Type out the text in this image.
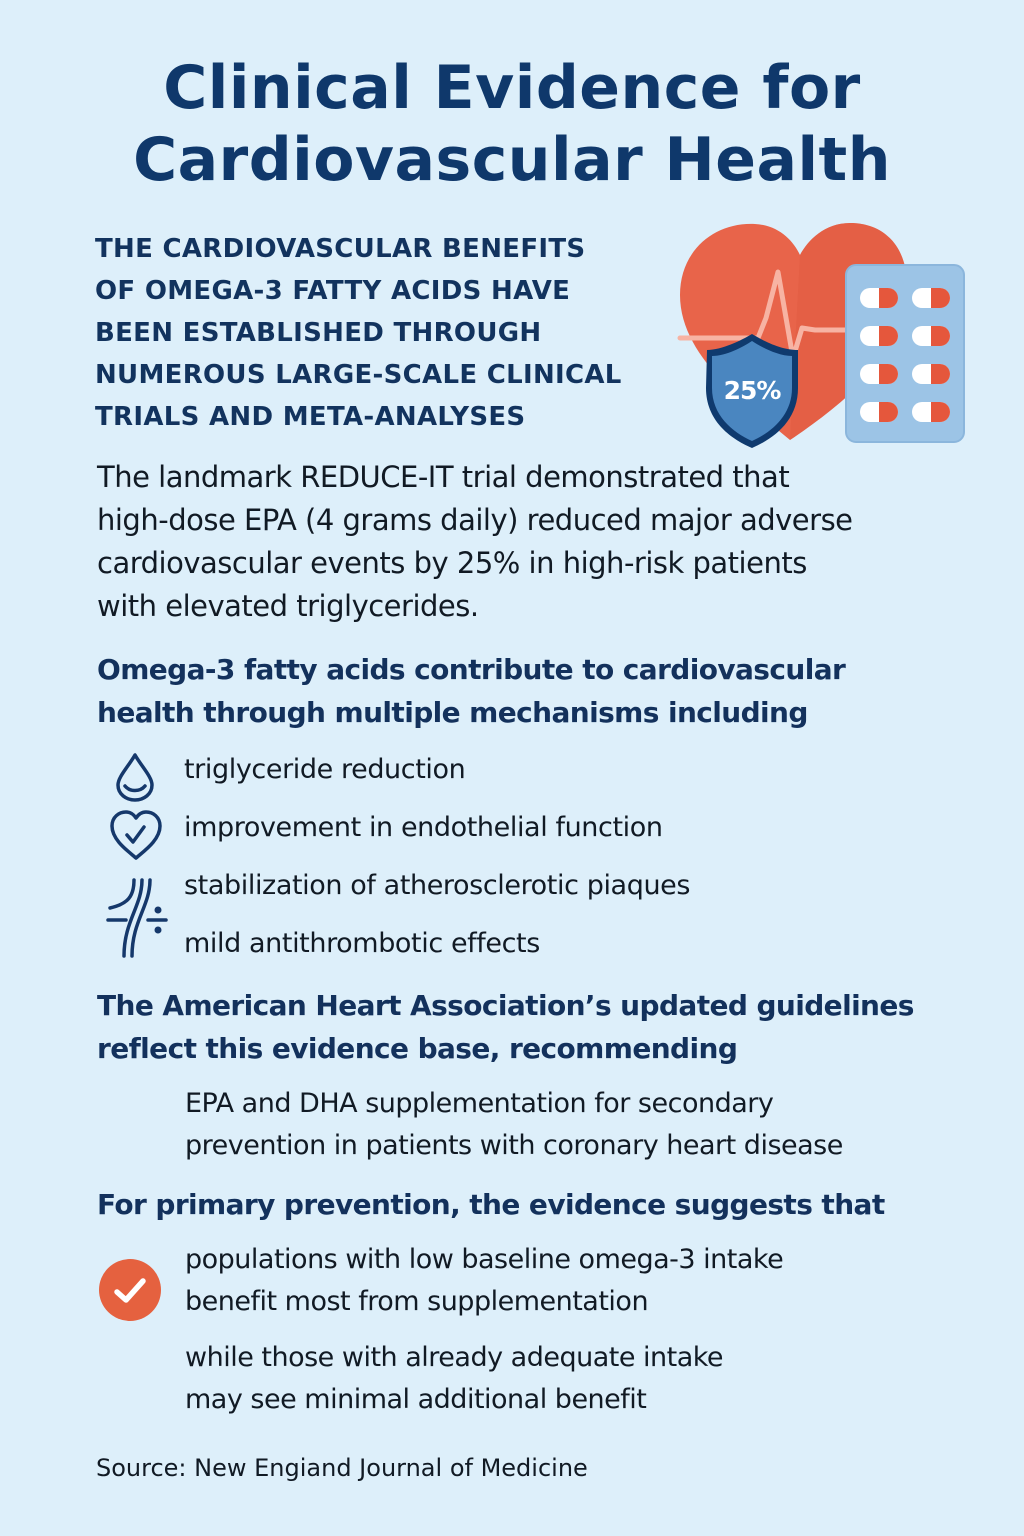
Clinical Evidence for
Cardiovascular Health
THE CARDIOVASCULAR BENEFITS
OF OMEGA-3 FATTY ACIDS HAVE
BEEN ESTABLISHED THROUGH
NUMEROUS LARGE-SCALE CLINICAL
TRIALS AND META-ANALYSES
25%
The landmark REDUCE-IT trial demonstrated that
high-dose EPA (4 grams daily) reduced major adverse
cardiovascular events by 25% in high-risk patients
with elevated triglycerides.
Omega-3 fatty acids contribute to cardiovascular
health through multiple mechanisms including
triglyceride reduction
improvement in endothelial function
stabilization of atherosclerotic piaques
mild antithrombotic effects
The American Heart Association’s updated guidelines
reflect this evidence base, recommending
EPA and DHA supplementation for secondary
prevention in patients with coronary heart disease
For primary prevention, the evidence suggests that
populations with low baseline omega-3 intake
benefit most from supplementation
while those with already adequate intake
may see minimal additional benefit
Source: New Engiand Journal of Medicine
